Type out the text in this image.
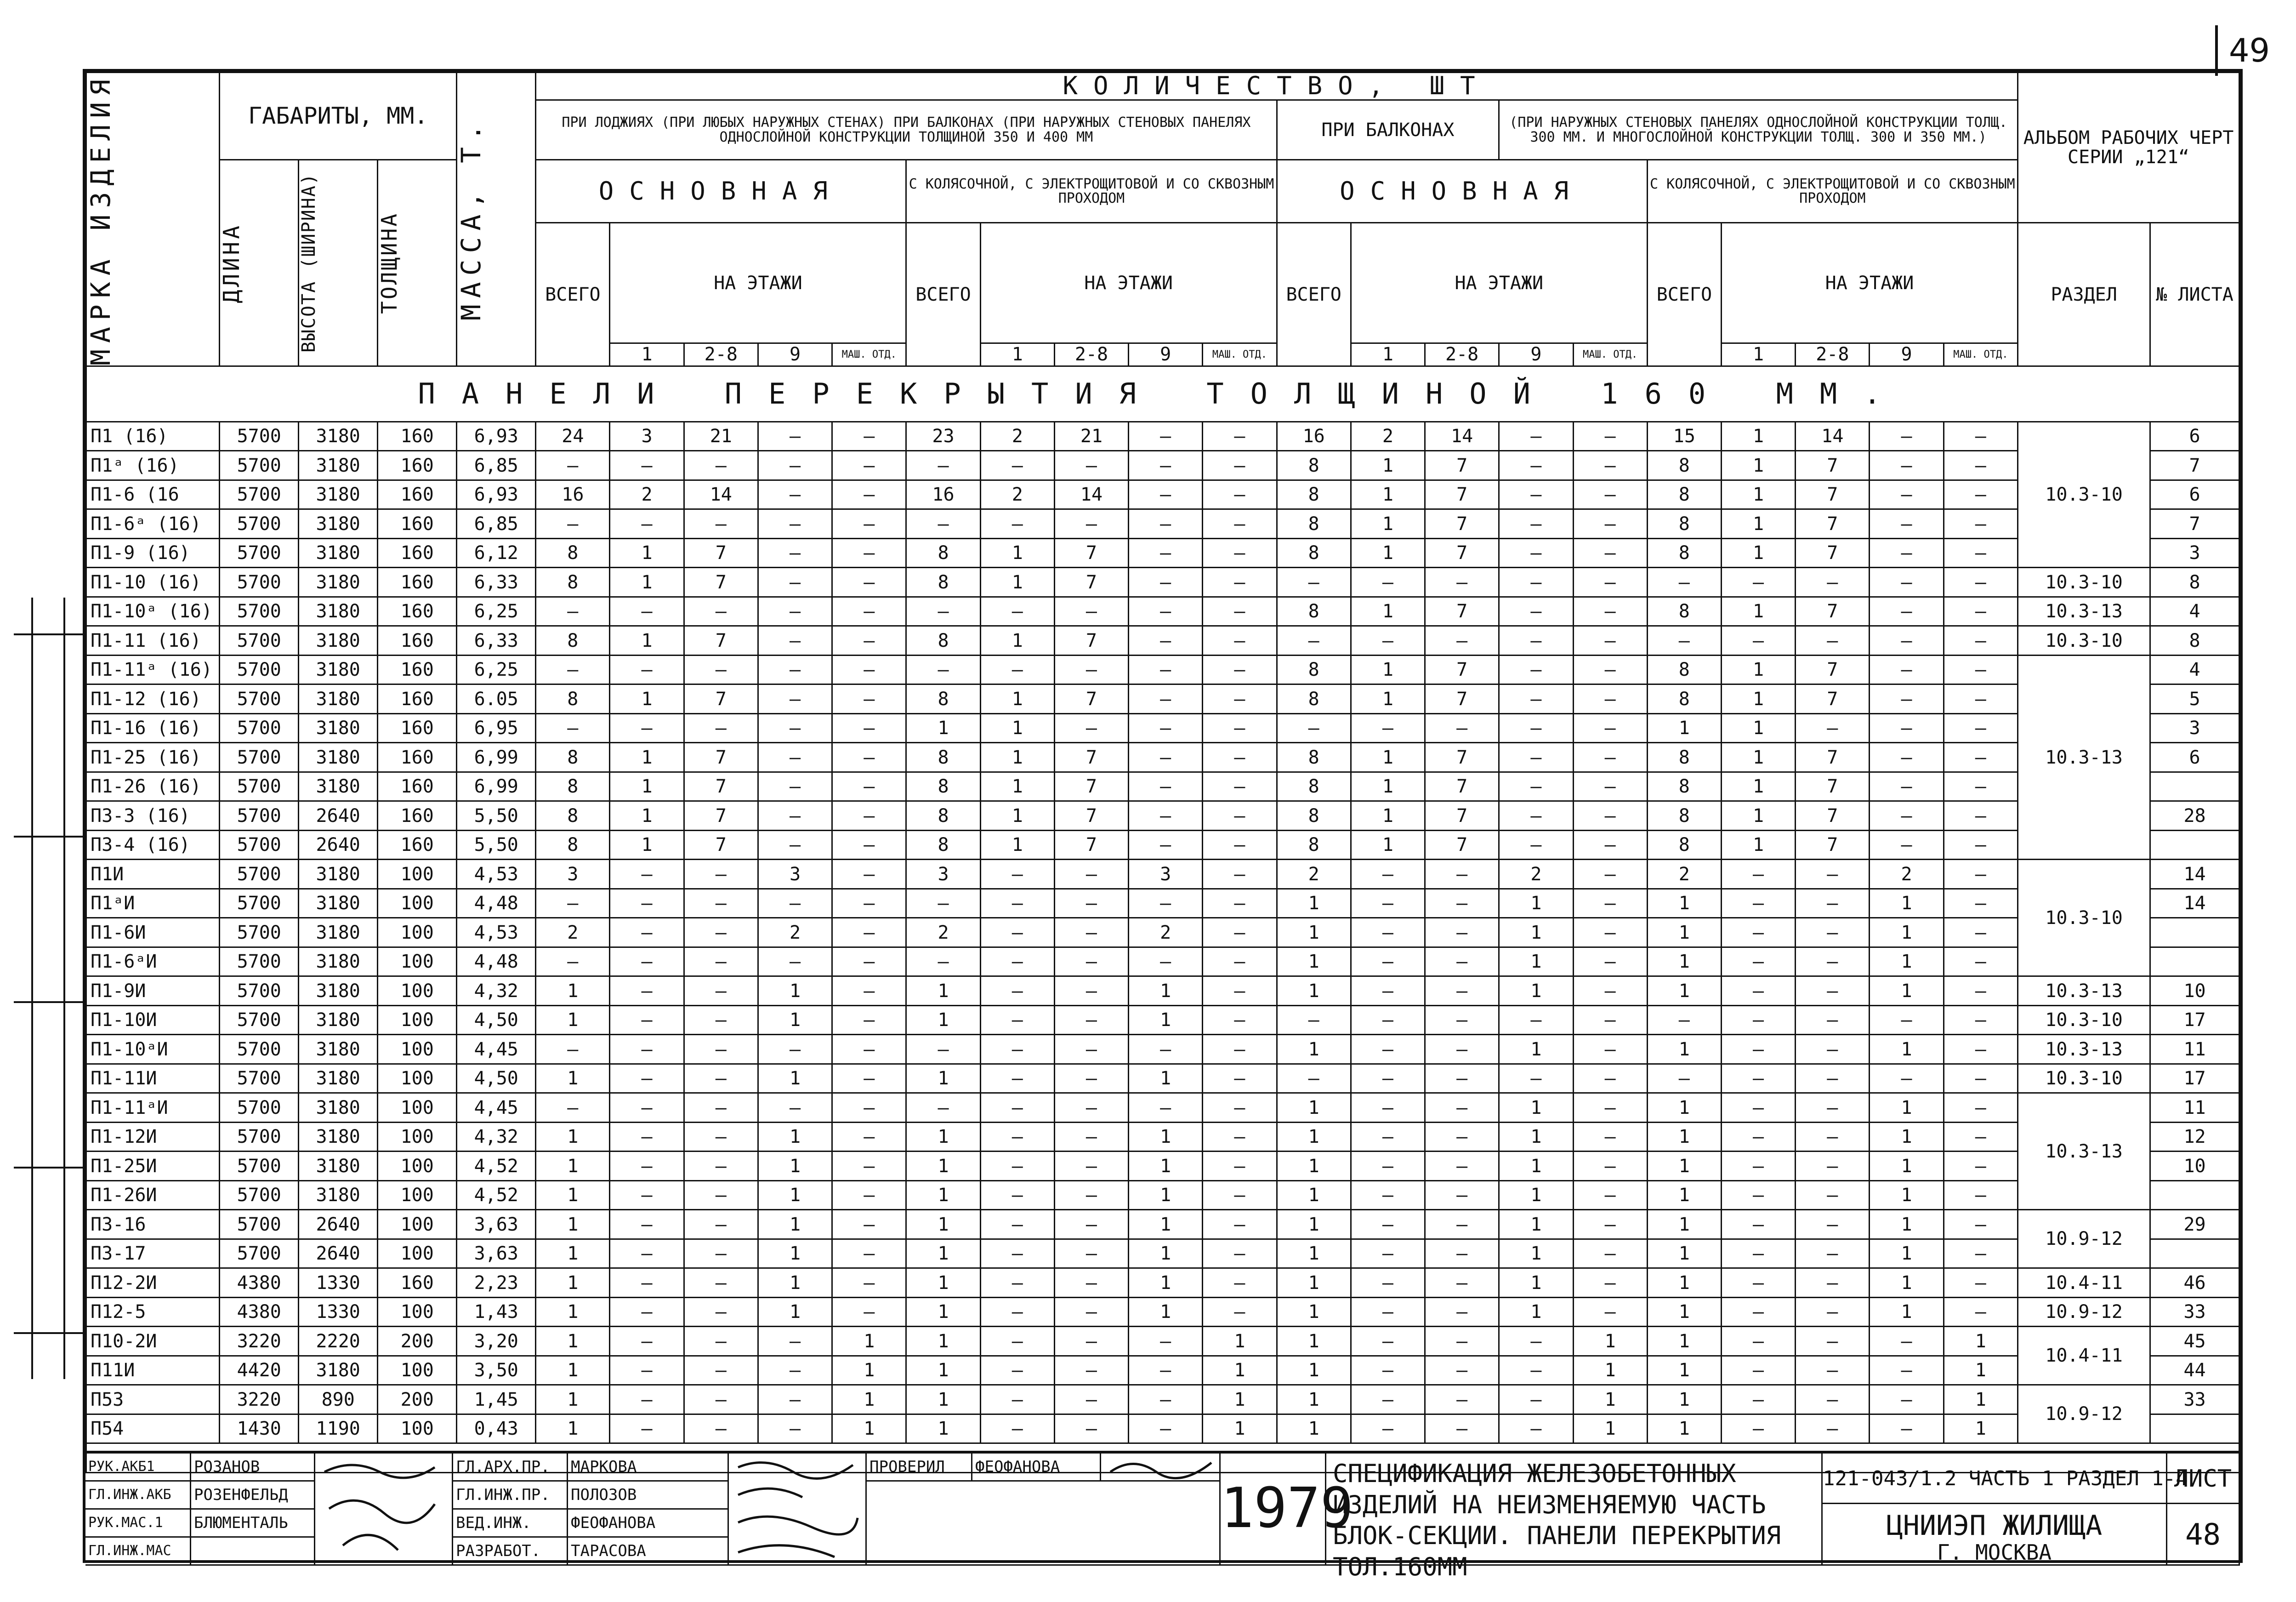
49
МАРКА ИЗДЕЛИЯ	ГАБАРИТЫ, ММ.			МАССА, Т.	КОЛИЧЕСТВО, ШТ																				АЛЬБОМ РАБОЧИХ ЧЕРТ СЕРИИ „121“	
					ПРИ ЛОДЖИЯХ (ПРИ ЛЮБЫХ НАРУЖНЫХ СТЕНАХ) ПРИ БАЛКОНАХ (ПРИ НАРУЖНЫХ СТЕНОВЫХ ПАНЕЛЯХ ОДНОСЛОЙНОЙ КОНСТРУКЦИИ ТОЛЩИНОЙ 350 И 400 ММ										ПРИ БАЛКОНАХ			(ПРИ НАРУЖНЫХ СТЕНОВЫХ ПАНЕЛЯХ ОДНОСЛОЙНОЙ КОНСТРУКЦИИ ТОЛЩ. 300 ММ. И МНОГОСЛОЙНОЙ КОНСТРУКЦИИ ТОЛЩ. 300 И 350 ММ.)								

	ДЛИНА	ВЫСОТА (ШИРИНА)	ТОЛЩИНА		ОСНОВНАЯ					С КОЛЯСОЧНОЙ, С ЭЛЕКТРОЩИТОВОЙ И СО СКВОЗНЫМ ПРОХОДОМ					ОСНОВНАЯ					С КОЛЯСОЧНОЙ, С ЭЛЕКТРОЩИТОВОЙ И СО СКВОЗНЫМ ПРОХОДОМ						
					ВСЕГО	НА ЭТАЖИ				ВСЕГО	НА ЭТАЖИ				ВСЕГО	НА ЭТАЖИ				ВСЕГО	НА ЭТАЖИ				РАЗДЕЛ	№ ЛИСТА
						1	2-8	9	МАШ. ОТД.		1	2-8	9	МАШ. ОТД.		1	2-8	9	МАШ. ОТД.		1	2-8	9	МАШ. ОТД.		
ПАНЕЛИ ПЕРЕКРЫТИЯ ТОЛЩИНОЙ 160 ММ.																										
П1 (16)	5700	3180	160	6,93	24	3	21	—	—	23	2	21	—	—	16	2	14	—	—	15	1	14	—	—	10.3-10	6
П1ᵃ (16)	5700	3180	160	6,85	—	—	—	—	—	—	—	—	—	—	8	1	7	—	—	8	1	7	—	—		7
П1-6 (16	5700	3180	160	6,93	16	2	14	—	—	16	2	14	—	—	8	1	7	—	—	8	1	7	—	—		6
П1-6ᵃ (16)	5700	3180	160	6,85	—	—	—	—	—	—	—	—	—	—	8	1	7	—	—	8	1	7	—	—		7
П1-9 (16)	5700	3180	160	6,12	8	1	7	—	—	8	1	7	—	—	8	1	7	—	—	8	1	7	—	—		3
П1-10 (16)	5700	3180	160	6,33	8	1	7	—	—	8	1	7	—	—	—	—	—	—	—	—	—	—	—	—	10.3-10	8
П1-10ᵃ (16)	5700	3180	160	6,25	—	—	—	—	—	—	—	—	—	—	8	1	7	—	—	8	1	7	—	—	10.3-13	4
П1-11 (16)	5700	3180	160	6,33	8	1	7	—	—	8	1	7	—	—	—	—	—	—	—	—	—	—	—	—	10.3-10	8
П1-11ᵃ (16)	5700	3180	160	6,25	—	—	—	—	—	—	—	—	—	—	8	1	7	—	—	8	1	7	—	—	10.3-13	4
П1-12 (16)	5700	3180	160	6.05	8	1	7	—	—	8	1	7	—	—	8	1	7	—	—	8	1	7	—	—		5
П1-16 (16)	5700	3180	160	6,95	—	—	—	—	—	1	1	—	—	—	—	—	—	—	—	1	1	—	—	—		3
П1-25 (16)	5700	3180	160	6,99	8	1	7	—	—	8	1	7	—	—	8	1	7	—	—	8	1	7	—	—		6
П1-26 (16)	5700	3180	160	6,99	8	1	7	—	—	8	1	7	—	—	8	1	7	—	—	8	1	7	—	—		
П3-3 (16)	5700	2640	160	5,50	8	1	7	—	—	8	1	7	—	—	8	1	7	—	—	8	1	7	—	—		28
П3-4 (16)	5700	2640	160	5,50	8	1	7	—	—	8	1	7	—	—	8	1	7	—	—	8	1	7	—	—		
П1И	5700	3180	100	4,53	3	—	—	3	—	3	—	—	3	—	2	—	—	2	—	2	—	—	2	—	10.3-10	14
П1ᵃИ	5700	3180	100	4,48	—	—	—	—	—	—	—	—	—	—	1	—	—	1	—	1	—	—	1	—		14
П1-6И	5700	3180	100	4,53	2	—	—	2	—	2	—	—	2	—	1	—	—	1	—	1	—	—	1	—		
П1-6ᵃИ	5700	3180	100	4,48	—	—	—	—	—	—	—	—	—	—	1	—	—	1	—	1	—	—	1	—		
П1-9И	5700	3180	100	4,32	1	—	—	1	—	1	—	—	1	—	1	—	—	1	—	1	—	—	1	—	10.3-13	10
П1-10И	5700	3180	100	4,50	1	—	—	1	—	1	—	—	1	—	—	—	—	—	—	—	—	—	—	—	10.3-10	17
П1-10ᵃИ	5700	3180	100	4,45	—	—	—	—	—	—	—	—	—	—	1	—	—	1	—	1	—	—	1	—	10.3-13	11
П1-11И	5700	3180	100	4,50	1	—	—	1	—	1	—	—	1	—	—	—	—	—	—	—	—	—	—	—	10.3-10	17
П1-11ᵃИ	5700	3180	100	4,45	—	—	—	—	—	—	—	—	—	—	1	—	—	1	—	1	—	—	1	—	10.3-13	11
П1-12И	5700	3180	100	4,32	1	—	—	1	—	1	—	—	1	—	1	—	—	1	—	1	—	—	1	—		12
П1-25И	5700	3180	100	4,52	1	—	—	1	—	1	—	—	1	—	1	—	—	1	—	1	—	—	1	—		10
П1-26И	5700	3180	100	4,52	1	—	—	1	—	1	—	—	1	—	1	—	—	1	—	1	—	—	1	—		
П3-16	5700	2640	100	3,63	1	—	—	1	—	1	—	—	1	—	1	—	—	1	—	1	—	—	1	—	10.9-12	29
П3-17	5700	2640	100	3,63	1	—	—	1	—	1	—	—	1	—	1	—	—	1	—	1	—	—	1	—		
П12-2И	4380	1330	160	2,23	1	—	—	1	—	1	—	—	1	—	1	—	—	1	—	1	—	—	1	—	10.4-11	46
П12-5	4380	1330	100	1,43	1	—	—	1	—	1	—	—	1	—	1	—	—	1	—	1	—	—	1	—	10.9-12	33
П10-2И	3220	2220	200	3,20	1	—	—	—	1	1	—	—	—	1	1	—	—	—	1	1	—	—	—	1	10.4-11	45
П11И	4420	3180	100	3,50	1	—	—	—	1	1	—	—	—	1	1	—	—	—	1	1	—	—	—	1		44
П53	3220	890	200	1,45	1	—	—	—	1	1	—	—	—	1	1	—	—	—	1	1	—	—	—	1	10.9-12	33
П54	1430	1190	100	0,43	1	—	—	—	1	1	—	—	—	1	1	—	—	—	1	1	—	—	—	1		

РУК.АКБ1	РОЗАНОВ
ГЛ.ИНЖ.АКБ	РОЗЕНФЕЛЬД
РУК.МАС.1	БЛЮМЕНТАЛЬ
ГЛ.ИНЖ.МАС
ГЛ.АРХ.ПР.	МАРКОВА
ГЛ.ИНЖ.ПР.	ПОЛОЗОВ
ВЕД.ИНЖ.	ФЕОФАНОВА
РАЗРАБОТ.	ТАРАСОВА
ПРОВЕРИЛ	ФЕОФАНОВА
1979
СПЕЦИФИКАЦИЯ ЖЕЛЕЗОБЕТОННЫХ ИЗДЕЛИЙ НА НЕИЗМЕНЯЕМУЮ ЧАСТЬ БЛОК-СЕКЦИИ. ПАНЕЛИ ПЕРЕКРЫТИЯ ТОЛ.160ММ
121-043/1.2 ЧАСТЬ 1 РАЗДЕЛ 1-4
ЛИСТ
ЦНИИЭП ЖИЛИЩА
Г. МОСКВА
48
